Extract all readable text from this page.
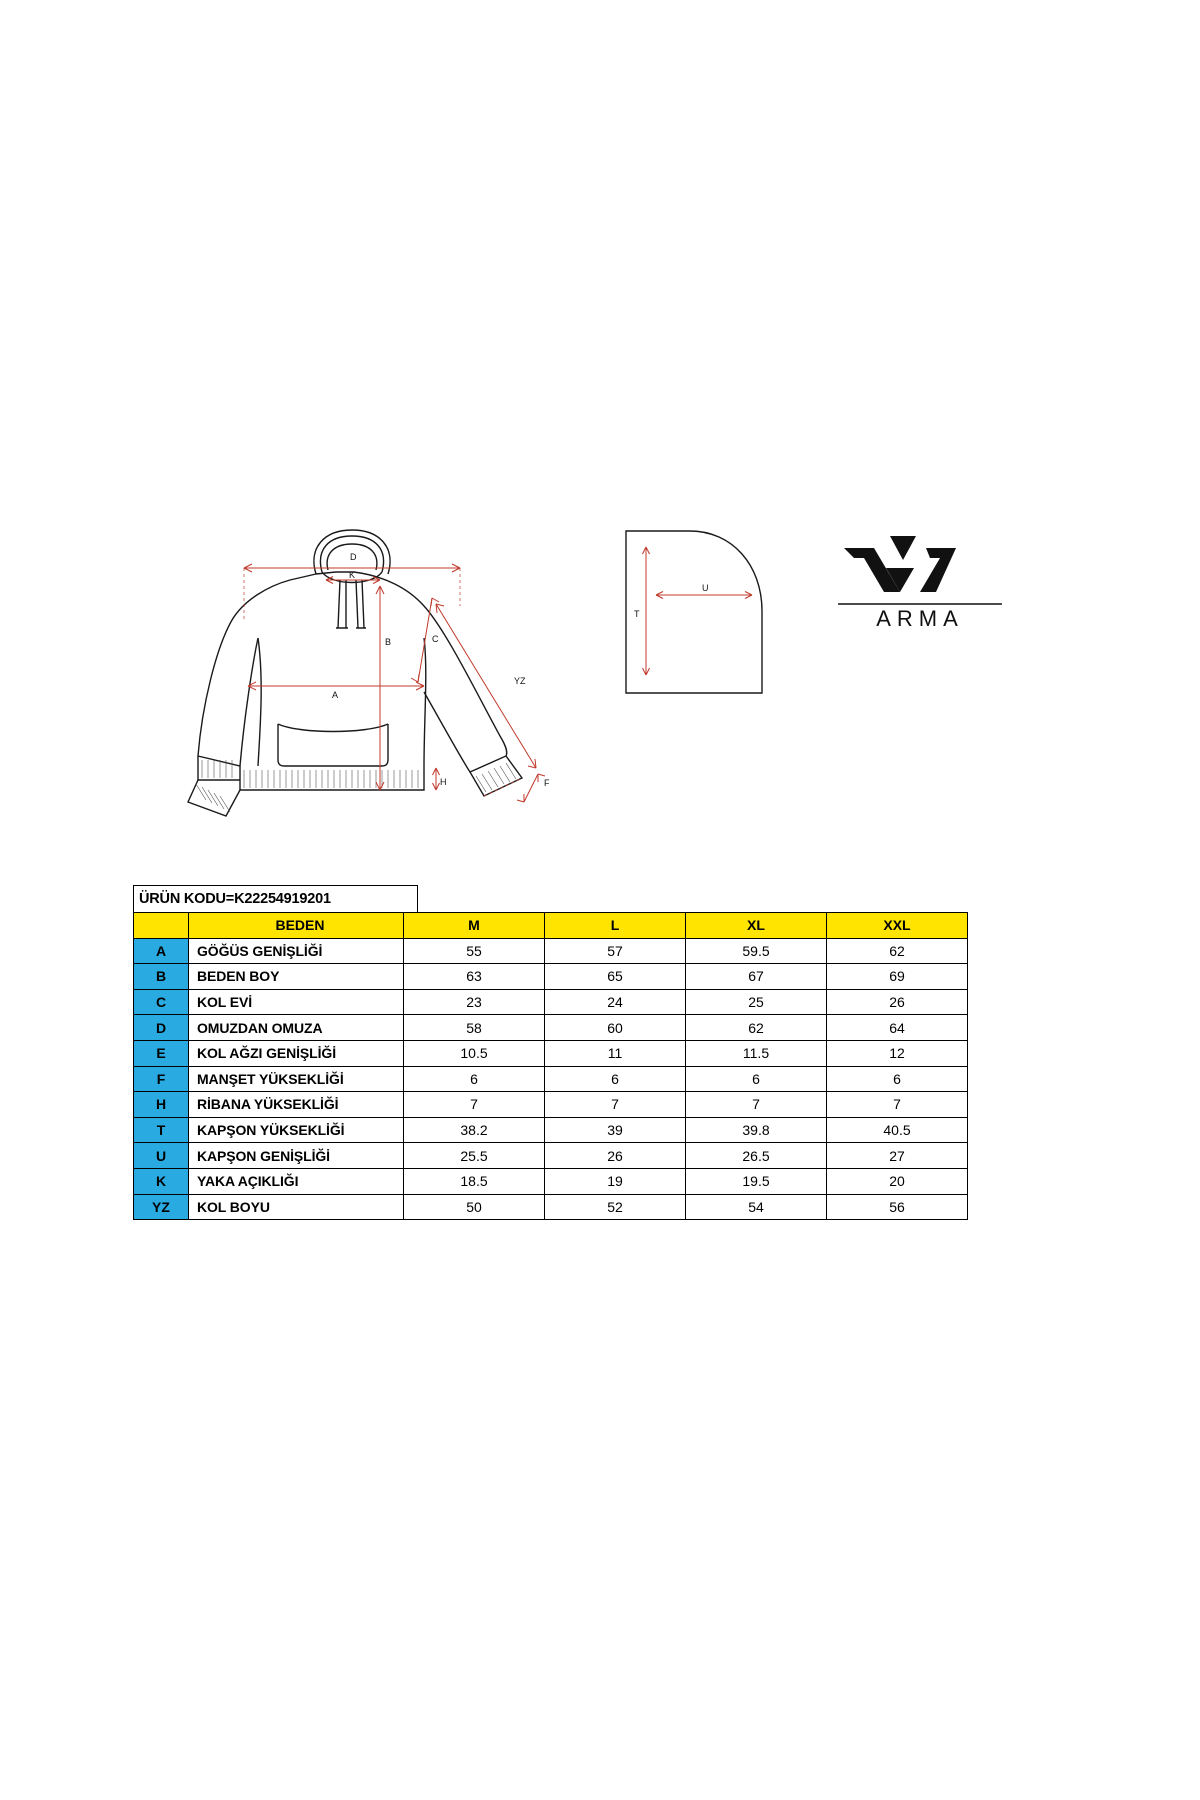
D
K
B	C
A
YZ
H	F
U
T	ARMA
ÜRÜN KODU=K22254919201
	BEDEN	M	L	XL	XXL
A	GÖĞÜS GENİŞLİĞİ	55	57	59.5	62
B	BEDEN BOY	63	65	67	69
C	KOL EVİ	23	24	25	26
D	OMUZDAN OMUZA	58	60	62	64
E	KOL AĞZI GENİŞLİĞİ	10.5	11	11.5	12
F	MANŞET YÜKSEKLİĞİ	6	6	6	6
H	RİBANA YÜKSEKLİĞİ	7	7	7	7
T	KAPŞON YÜKSEKLİĞİ	38.2	39	39.8	40.5
U	KAPŞON GENİŞLİĞİ	25.5	26	26.5	27
K	YAKA AÇIKLIĞI	18.5	19	19.5	20
YZ	KOL BOYU	50	52	54	56
